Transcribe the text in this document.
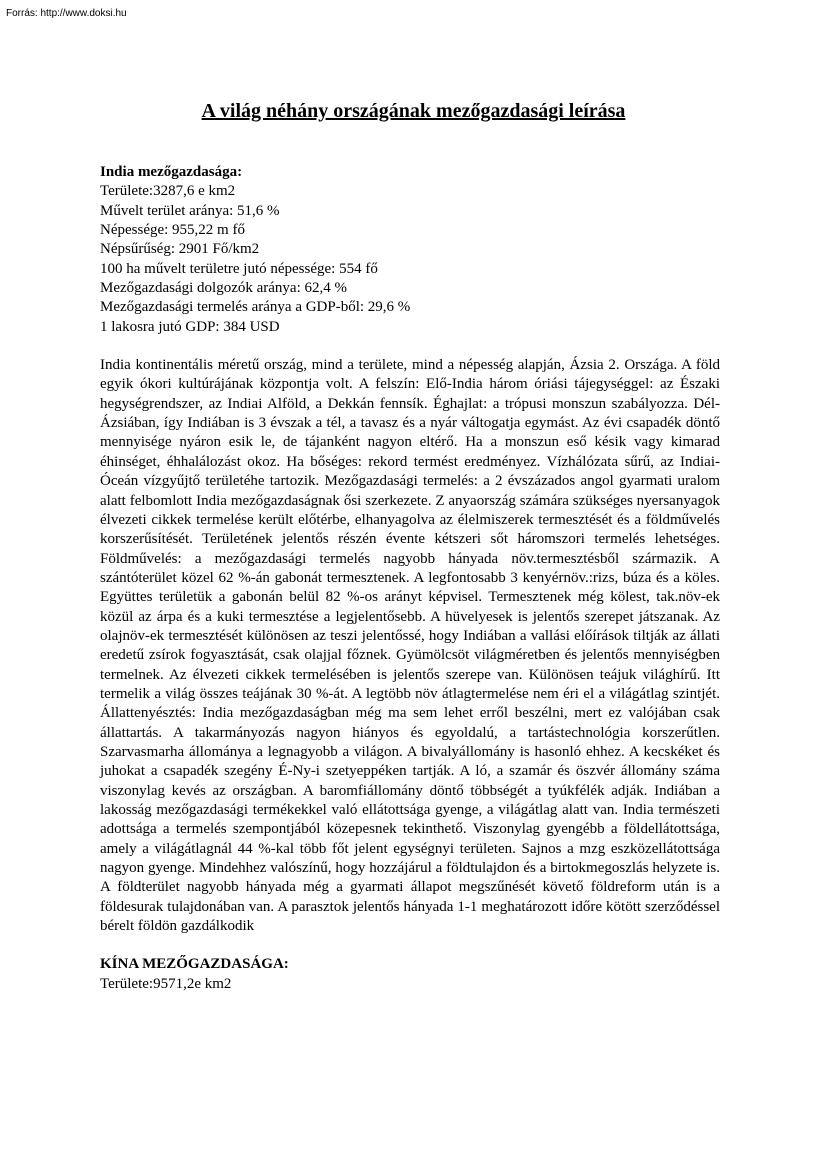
Forrás: http://www.doksi.hu
A világ néhány országának mezőgazdasági leírása

India mezőgazdasága:

Területe:3287,6 e km2
Művelt terület aránya: 51,6 %
Népessége: 955,22 m fő
Népsűrűség: 2901 Fő/km2
100 ha művelt területre jutó népessége: 554 fő
Mezőgazdasági dolgozók aránya: 62,4 %
Mezőgazdasági termelés aránya a GDP-ből: 29,6 %
1 lakosra jutó GDP: 384 USD

India kontinentális méretű ország, mind a területe, mind a népesség alapján, Ázsia 2. Országa. A föld egyik ókori kultúrájának központja volt. A felszín: Elő-India három óriási tájegységgel: az Északi hegységrendszer, az Indiai Alföld, a Dekkán fennsík. Éghajlat: a trópusi monszun szabályozza. Dél- Ázsiában, így Indiában is 3 évszak a tél, a tavasz és a nyár váltogatja egymást. Az évi csapadék döntő mennyisége nyáron esik le, de tájanként nagyon eltérő. Ha a monszun eső késik vagy kimarad éhinséget, éhhalálozást okoz. Ha bőséges: rekord termést eredményez. Vízhálózata sűrű, az Indiai-Óceán vízgyűjtő területéhe tartozik. Mezőgazdasági termelés: a 2 évszázados angol gyarmati uralom alatt felbomlott India mezőgazdaságnak ősi szerkezete. Z anyaország számára szükséges nyersanyagok élvezeti cikkek termelése került előtérbe, elhanyagolva az élelmiszerek termesztését és a földművelés korszerűsítését. Területének jelentős részén évente kétszeri sőt háromszori termelés lehetséges. Földművelés: a mezőgazdasági termelés nagyobb hányada növ.termesztésből származik. A szántóterület közel 62 %-án gabonát termesztenek. A legfontosabb 3 kenyérnöv.:rizs, búza és a köles. Együttes területük a gabonán belül 82 %-os arányt képvisel. Termesztenek még kölest, tak.növ-ek közül az árpa és a kuki termesztése a legjelentősebb. A hüvelyesek is jelentős szerepet játszanak. Az olajnöv-ek termesztését különösen az teszi jelentőssé, hogy Indiában a vallási előírások tiltják az állati eredetű zsírok fogyasztását, csak olajjal főznek. Gyümölcsöt világméretben és jelentős mennyiségben termelnek. Az élvezeti cikkek termelésében is jelentős szerepe van. Különösen teájuk világhírű. Itt termelik a világ összes teájának 30 %-át. A legtöbb növ átlagtermelése nem éri el a világátlag szintjét. Állattenyésztés: India mezőgazdaságban még ma sem lehet erről beszélni, mert ez valójában csak állattartás. A takarmányozás nagyon hiányos és egyoldalú, a tartástechnológia korszerűtlen. Szarvasmarha állománya a legnagyobb a világon. A bivalyállomány is hasonló ehhez. A kecskéket és juhokat a csapadék szegény É-Ny-i szetyeppéken tartják. A ló, a szamár és öszvér állomány száma viszonylag kevés az országban. A baromfiállomány döntő többségét a tyúkfélék adják. Indiában a lakosság mezőgazdasági termékekkel való ellátottsága gyenge, a világátlag alatt van. India természeti adottsága a termelés szempontjából közepesnek tekinthető. Viszonylag gyengébb a földellátottsága, amely a világátlagnál 44 %-kal több főt jelent egységnyi területen. Sajnos a mzg eszközellátottsága nagyon gyenge. Mindehhez valószínű, hogy hozzájárul a földtulajdon és a birtokmegoszlás helyzete is. A földterület nagyobb hányada még a gyarmati állapot megszűnését követő földreform után is a földesurak tulajdonában van. A parasztok jelentős hányada 1-1 meghatározott időre kötött szerződéssel bérelt földön gazdálkodik

KÍNA MEZŐGAZDASÁGA:

Területe:9571,2e km2
